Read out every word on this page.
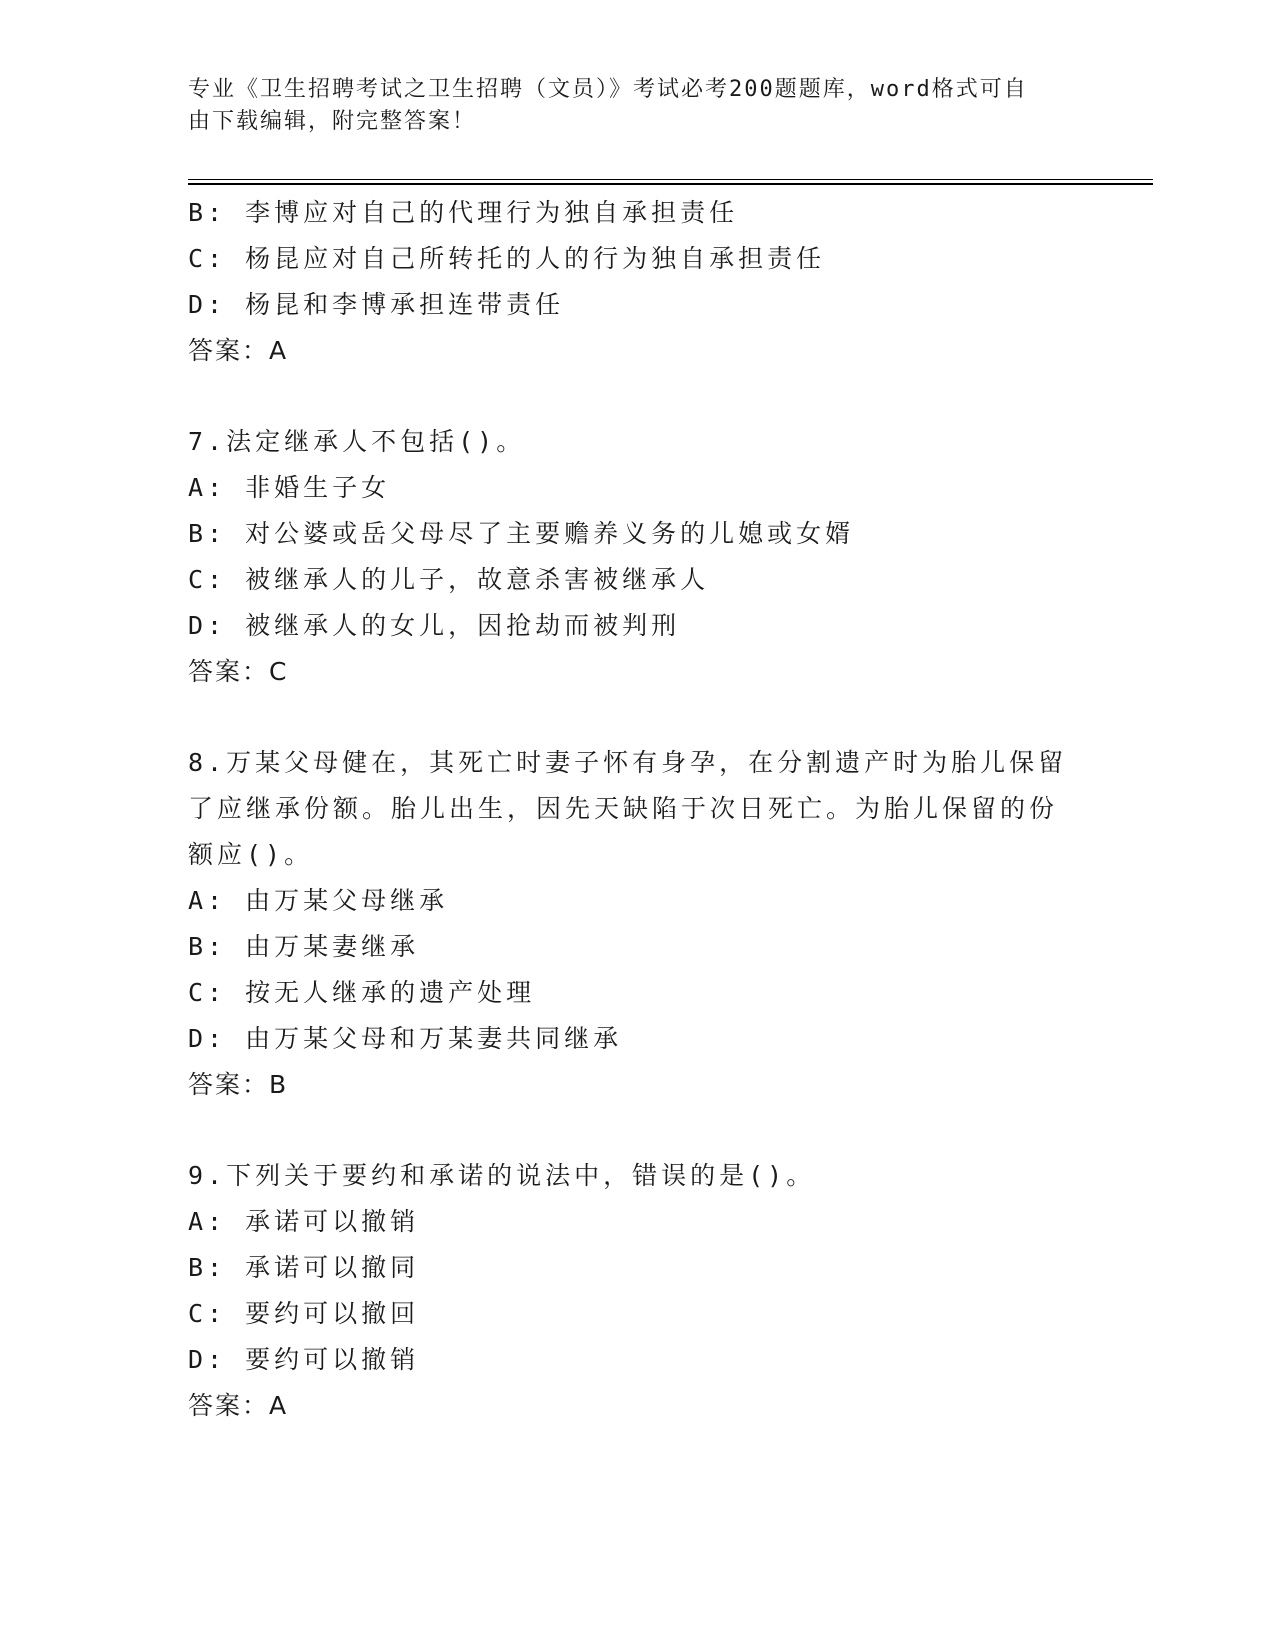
专业《卫生招聘考试之卫生招聘（文员）》考试必考200题题库，word格式可自
由下载编辑，附完整答案！
B: 李博应对自己的代理行为独自承担责任
C: 杨昆应对自己所转托的人的行为独自承担责任
D: 杨昆和李博承担连带责任
答案：A
7.法定继承人不包括()。
A: 非婚生子女
B: 对公婆或岳父母尽了主要赡养义务的儿媳或女婿
C: 被继承人的儿子，故意杀害被继承人
D: 被继承人的女儿，因抢劫而被判刑
答案：C
8.万某父母健在，其死亡时妻子怀有身孕，在分割遗产时为胎儿保留
了应继承份额。胎儿出生，因先天缺陷于次日死亡。为胎儿保留的份
额应()。
A: 由万某父母继承
B: 由万某妻继承
C: 按无人继承的遗产处理
D: 由万某父母和万某妻共同继承
答案：B
9.下列关于要约和承诺的说法中，错误的是()。
A: 承诺可以撤销
B: 承诺可以撤同
C: 要约可以撤回
D: 要约可以撤销
答案：A
